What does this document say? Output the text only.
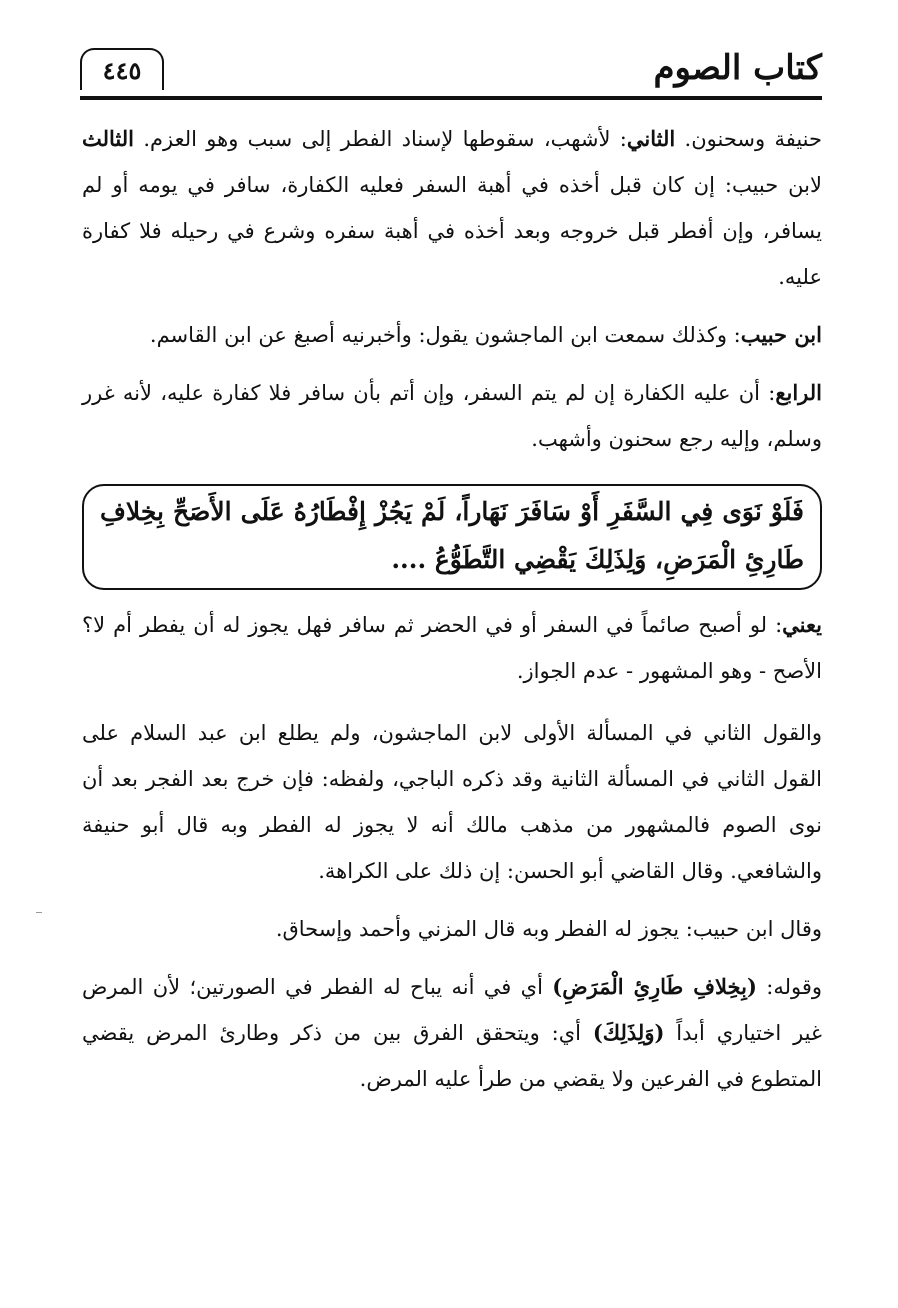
كتاب الصوم
٤٤٥

حنيفة وسحنون. الثاني: لأشهب، سقوطها لإسناد الفطر إلى سبب وهو العزم. الثالث لابن حبيب: إن كان قبل أخذه في أهبة السفر فعليه الكفارة، سافر في يومه أو لم يسافر، وإن أفطر قبل خروجه وبعد أخذه في أهبة سفره وشرع في رحيله فلا كفارة عليه.

ابن حبيب: وكذلك سمعت ابن الماجشون يقول: وأخبرنيه أصبغ عن ابن القاسم.

الرابع: أن عليه الكفارة إن لم يتم السفر، وإن أتم بأن سافر فلا كفارة عليه، لأنه غرر وسلم، وإليه رجع سحنون وأشهب.

فَلَوْ نَوَى فِي السَّفَرِ أَوْ سَافَرَ نَهَاراً، لَمْ يَجُزْ إِفْطَارُهُ عَلَى الأَصَحِّ بِخِلافِ طَارِئِ الْمَرَضِ، وَلِذَلِكَ يَقْضِي التَّطَوُّعُ ....

يعني: لو أصبح صائماً في السفر أو في الحضر ثم سافر فهل يجوز له أن يفطر أم لا؟ الأصح - وهو المشهور - عدم الجواز.

والقول الثاني في المسألة الأولى لابن الماجشون، ولم يطلع ابن عبد السلام على القول الثاني في المسألة الثانية وقد ذكره الباجي، ولفظه: فإن خرج بعد الفجر بعد أن نوى الصوم فالمشهور من مذهب مالك أنه لا يجوز له الفطر وبه قال أبو حنيفة والشافعي. وقال القاضي أبو الحسن: إن ذلك على الكراهة.

وقال ابن حبيب: يجوز له الفطر وبه قال المزني وأحمد وإسحاق.

وقوله: (بِخِلافِ طَارِئِ الْمَرَضِ) أي في أنه يباح له الفطر في الصورتين؛ لأن المرض غير اختياري أبداً (وَلِذَلِكَ) أي: ويتحقق الفرق بين من ذكر وطارئ المرض يقضي المتطوع في الفرعين ولا يقضي من طرأ عليه المرض.
